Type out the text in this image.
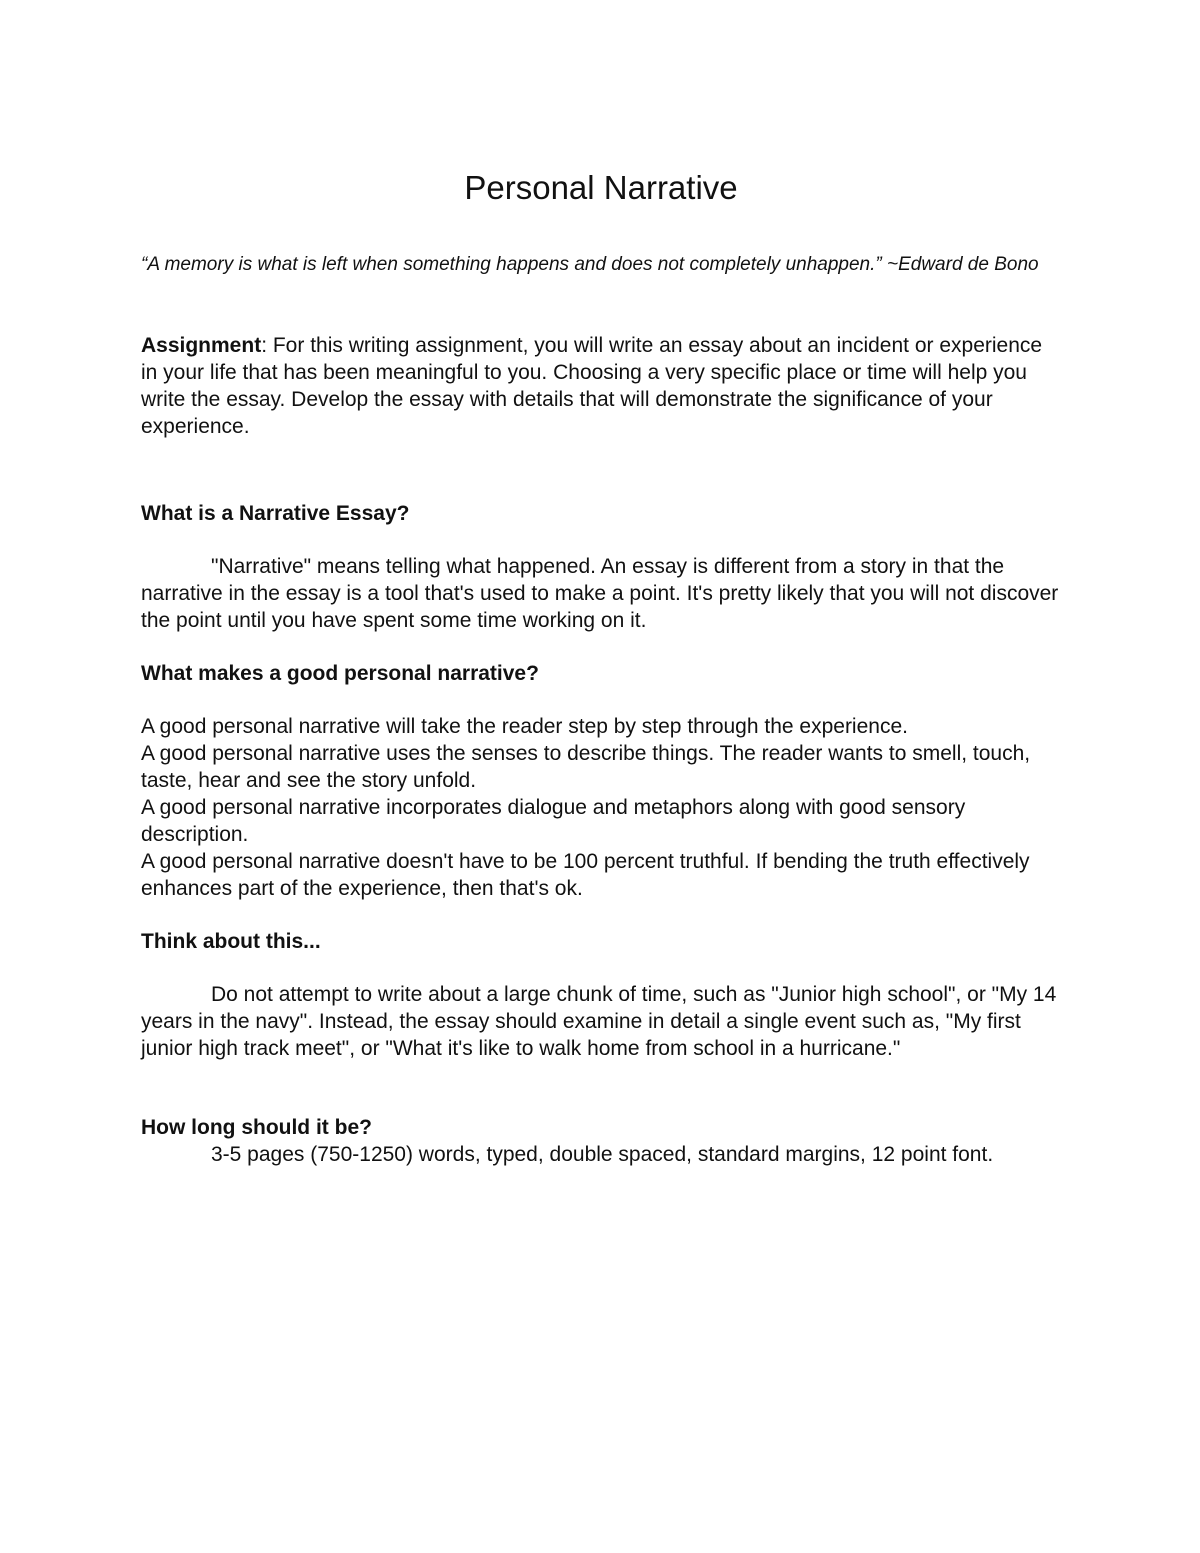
Personal Narrative

“A memory is what is left when something happens and does not completely unhappen.” ~Edward de Bono

Assignment: For this writing assignment, you will write an essay about an incident or experience in your life that has been meaningful to you. Choosing a very specific place or time will help you write the essay. Develop the essay with details that will demonstrate the significance of your experience.

What is a Narrative Essay?

"Narrative" means telling what happened. An essay is different from a story in that the narrative in the essay is a tool that's used to make a point. It's pretty likely that you will not discover the point until you have spent some time working on it.

What makes a good personal narrative?

A good personal narrative will take the reader step by step through the experience.

A good personal narrative uses the senses to describe things. The reader wants to smell, touch, taste, hear and see the story unfold.

A good personal narrative incorporates dialogue and metaphors along with good sensory description.

A good personal narrative doesn't have to be 100 percent truthful. If bending the truth effectively enhances part of the experience, then that's ok.

Think about this...

Do not attempt to write about a large chunk of time, such as "Junior high school", or "My 14 years in the navy". Instead, the essay should examine in detail a single event such as, "My first junior high track meet", or "What it's like to walk home from school in a hurricane."

How long should it be?

3-5 pages (750-1250) words, typed, double spaced, standard margins, 12 point font.
